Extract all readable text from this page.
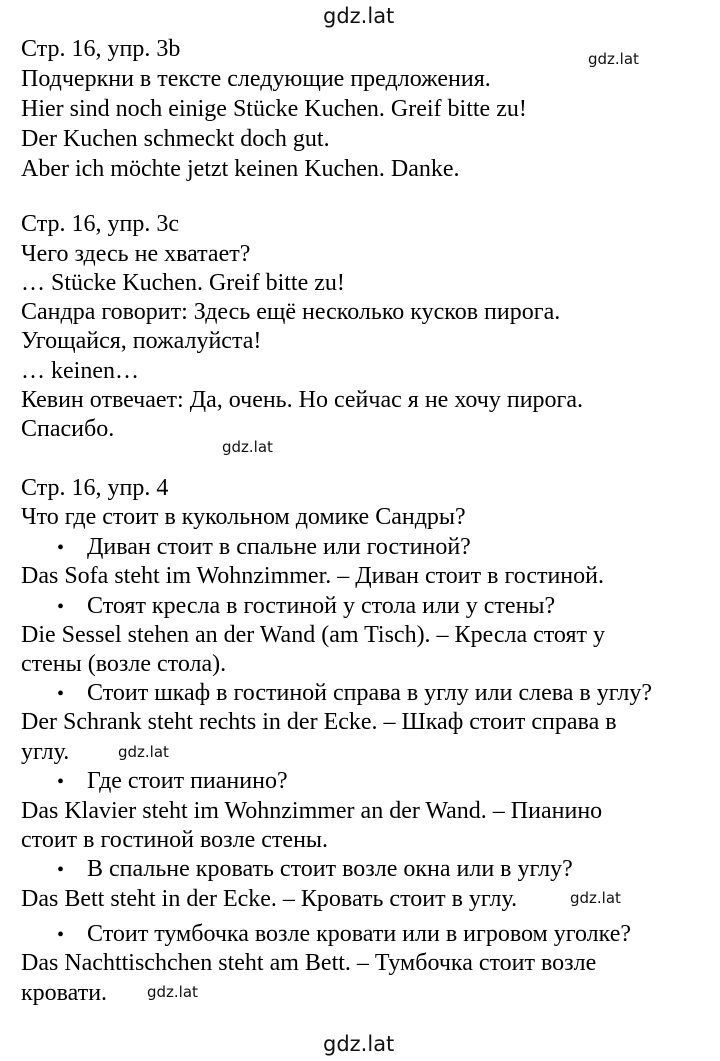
gdz.lat
gdz.lat
gdz.lat
gdz.lat
gdz.lat
gdz.lat
gdz.lat
Стр. 16, упр. 3b
Подчеркни в тексте следующие предложения.
Hier sind noch einige Stücke Kuchen. Greif bitte zu!
Der Kuchen schmeckt doch gut.
Aber ich möchte jetzt keinen Kuchen. Danke.
Стр. 16, упр. 3c
Чего здесь не хватает?
… Stücke Kuchen. Greif bitte zu!
Сандра говорит: Здесь ещё несколько кусков пирога.
Угощайся, пожалуйста!
… keinen…
Кевин отвечает: Да, очень. Но сейчас я не хочу пирога.
Спасибо.
Стр. 16, упр. 4
Что где стоит в кукольном домике Сандры?
• Диван стоит в спальне или гостиной?
Das Sofa steht im Wohnzimmer. – Диван стоит в гостиной.
• Стоят кресла в гостиной у стола или у стены?
Die Sessel stehen an der Wand (am Tisch). – Кресла стоят у
стены (возле стола).
• Стоит шкаф в гостиной справа в углу или слева в углу?
Der Schrank steht rechts in der Ecke. – Шкаф стоит справа в
углу.
• Где стоит пианино?
Das Klavier steht im Wohnzimmer an der Wand. – Пианино
стоит в гостиной возле стены.
• В спальне кровать стоит возле окна или в углу?
Das Bett steht in der Ecke. – Кровать стоит в углу.
• Стоит тумбочка возле кровати или в игровом уголке?
Das Nachttischchen steht am Bett. – Тумбочка стоит возле
кровати.
